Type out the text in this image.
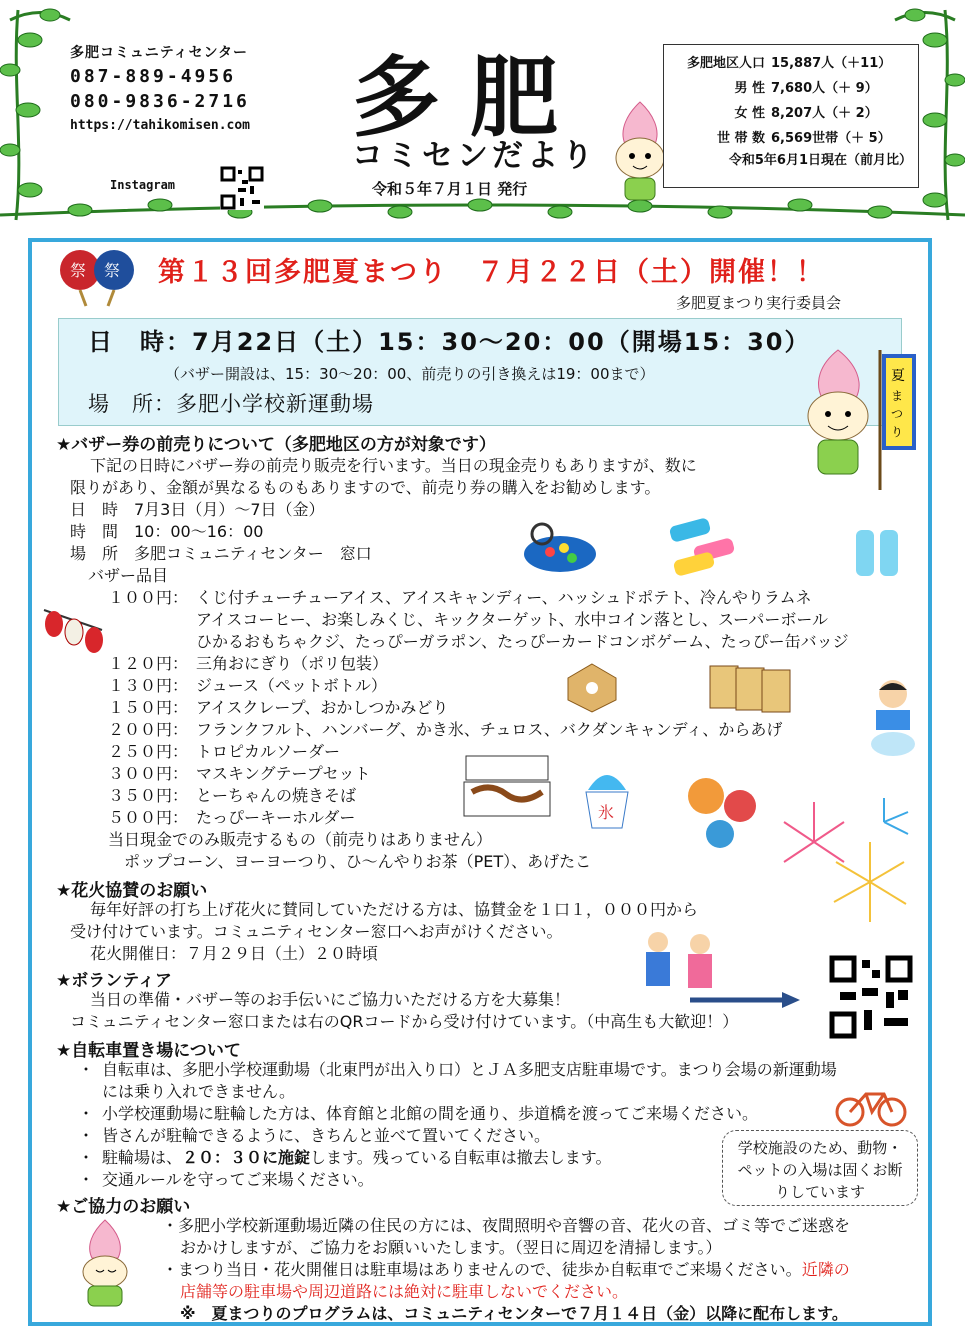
多肥コミュニティセンター
087-889-4956
080-9836-2716
https://tahikomisen.com
Instagram
多肥
コミセンだより
令和５年７月１日 発行
多肥地区人口	15,887人（＋11）
男 性	7,680人（＋ 9）
女 性	8,207人（＋ 2）
世 帯 数	6,569世帯（＋ 5）
令和5年6月1日現在（前月比）
祭 祭 第１３回多肥夏まつり　７月２２日（土）開催！！
多肥夏まつり実行委員会
日　時：7月22日（土）15：30～20：00（開場15：30）
（バザー開設は、15：30～20：00、前売りの引き換えは19：00まで）
場　所：多肥小学校新運動場
夏
ま
つ
り
★バザー券の前売りについて（多肥地区の方が対象です）
下記の日時にバザー券の前売り販売を行います。当日の現金売りもありますが、数に
限りがあり、金額が異なるものもありますので、前売り券の購入をお勧めします。
日　時　7月3日（月）～7日（金）
時　間　10：00～16：00
場　所　多肥コミュニティセンター　窓口
バザー品目
１００円： くじ付チューチューアイス、アイスキャンディー、ハッシュドポテト、冷んやりラムネ
アイスコーヒー、お楽しみくじ、キックターゲット、水中コイン落とし、スーパーボール
ひかるおもちゃクジ、たっぴーガラポン、たっぴーカードコンボゲーム、たっぴー缶バッジ
１２０円： 三角おにぎり（ポリ包装）
１３０円： ジュース（ペットボトル）
１５０円： アイスクレープ、おかしつかみどり
２００円： フランクフルト、ハンバーグ、かき氷、チュロス、バクダンキャンディ、からあげ
２５０円： トロピカルソーダー
３００円： マスキングテープセット
３５０円： とーちゃんの焼きそば
５００円： たっぴーキーホルダー
当日現金でのみ販売するもの（前売りはありません）
ポップコーン、ヨーヨーつり、ひ～んやりお茶（PET）、あげたこ
氷
★花火協賛のお願い
毎年好評の打ち上げ花火に賛同していただける方は、協賛金を１口１，０００円から
受け付けています。コミュニティセンター窓口へお声がけください。
花火開催日：７月２９日（土）２０時頃
★ボランティア
当日の準備・バザー等のお手伝いにご協力いただける方を大募集！
コミュニティセンター窓口または右のQRコードから受け付けています。（中高生も大歓迎！）
★自転車置き場について
・ 自転車は、多肥小学校運動場（北東門が出入り口）とＪＡ多肥支店駐車場です。まつり会場の新運動場
には乗り入れできません。
・ 小学校運動場に駐輪した方は、体育館と北館の間を通り、歩道橋を渡ってご来場ください。
・ 皆さんが駐輪できるように、きちんと並べて置いてください。
・ 駐輪場は、２０：３０に施錠します。残っている自転車は撤去します。
・ 交通ルールを守ってご来場ください。
学校施設のため、動物・ペットの入場は固くお断りしています
★ご協力のお願い
・多肥小学校新運動場近隣の住民の方には、夜間照明や音響の音、花火の音、ゴミ等でご迷惑を
おかけしますが、ご協力をお願いいたします。（翌日に周辺を清掃します。）
・まつり当日・花火開催日は駐車場はありませんので、徒歩か自転車でご来場ください。近隣の
店舗等の駐車場や周辺道路には絶対に駐車しないでください。
※　夏まつりのプログラムは、コミュニティセンターで７月１４日（金）以降に配布します。
